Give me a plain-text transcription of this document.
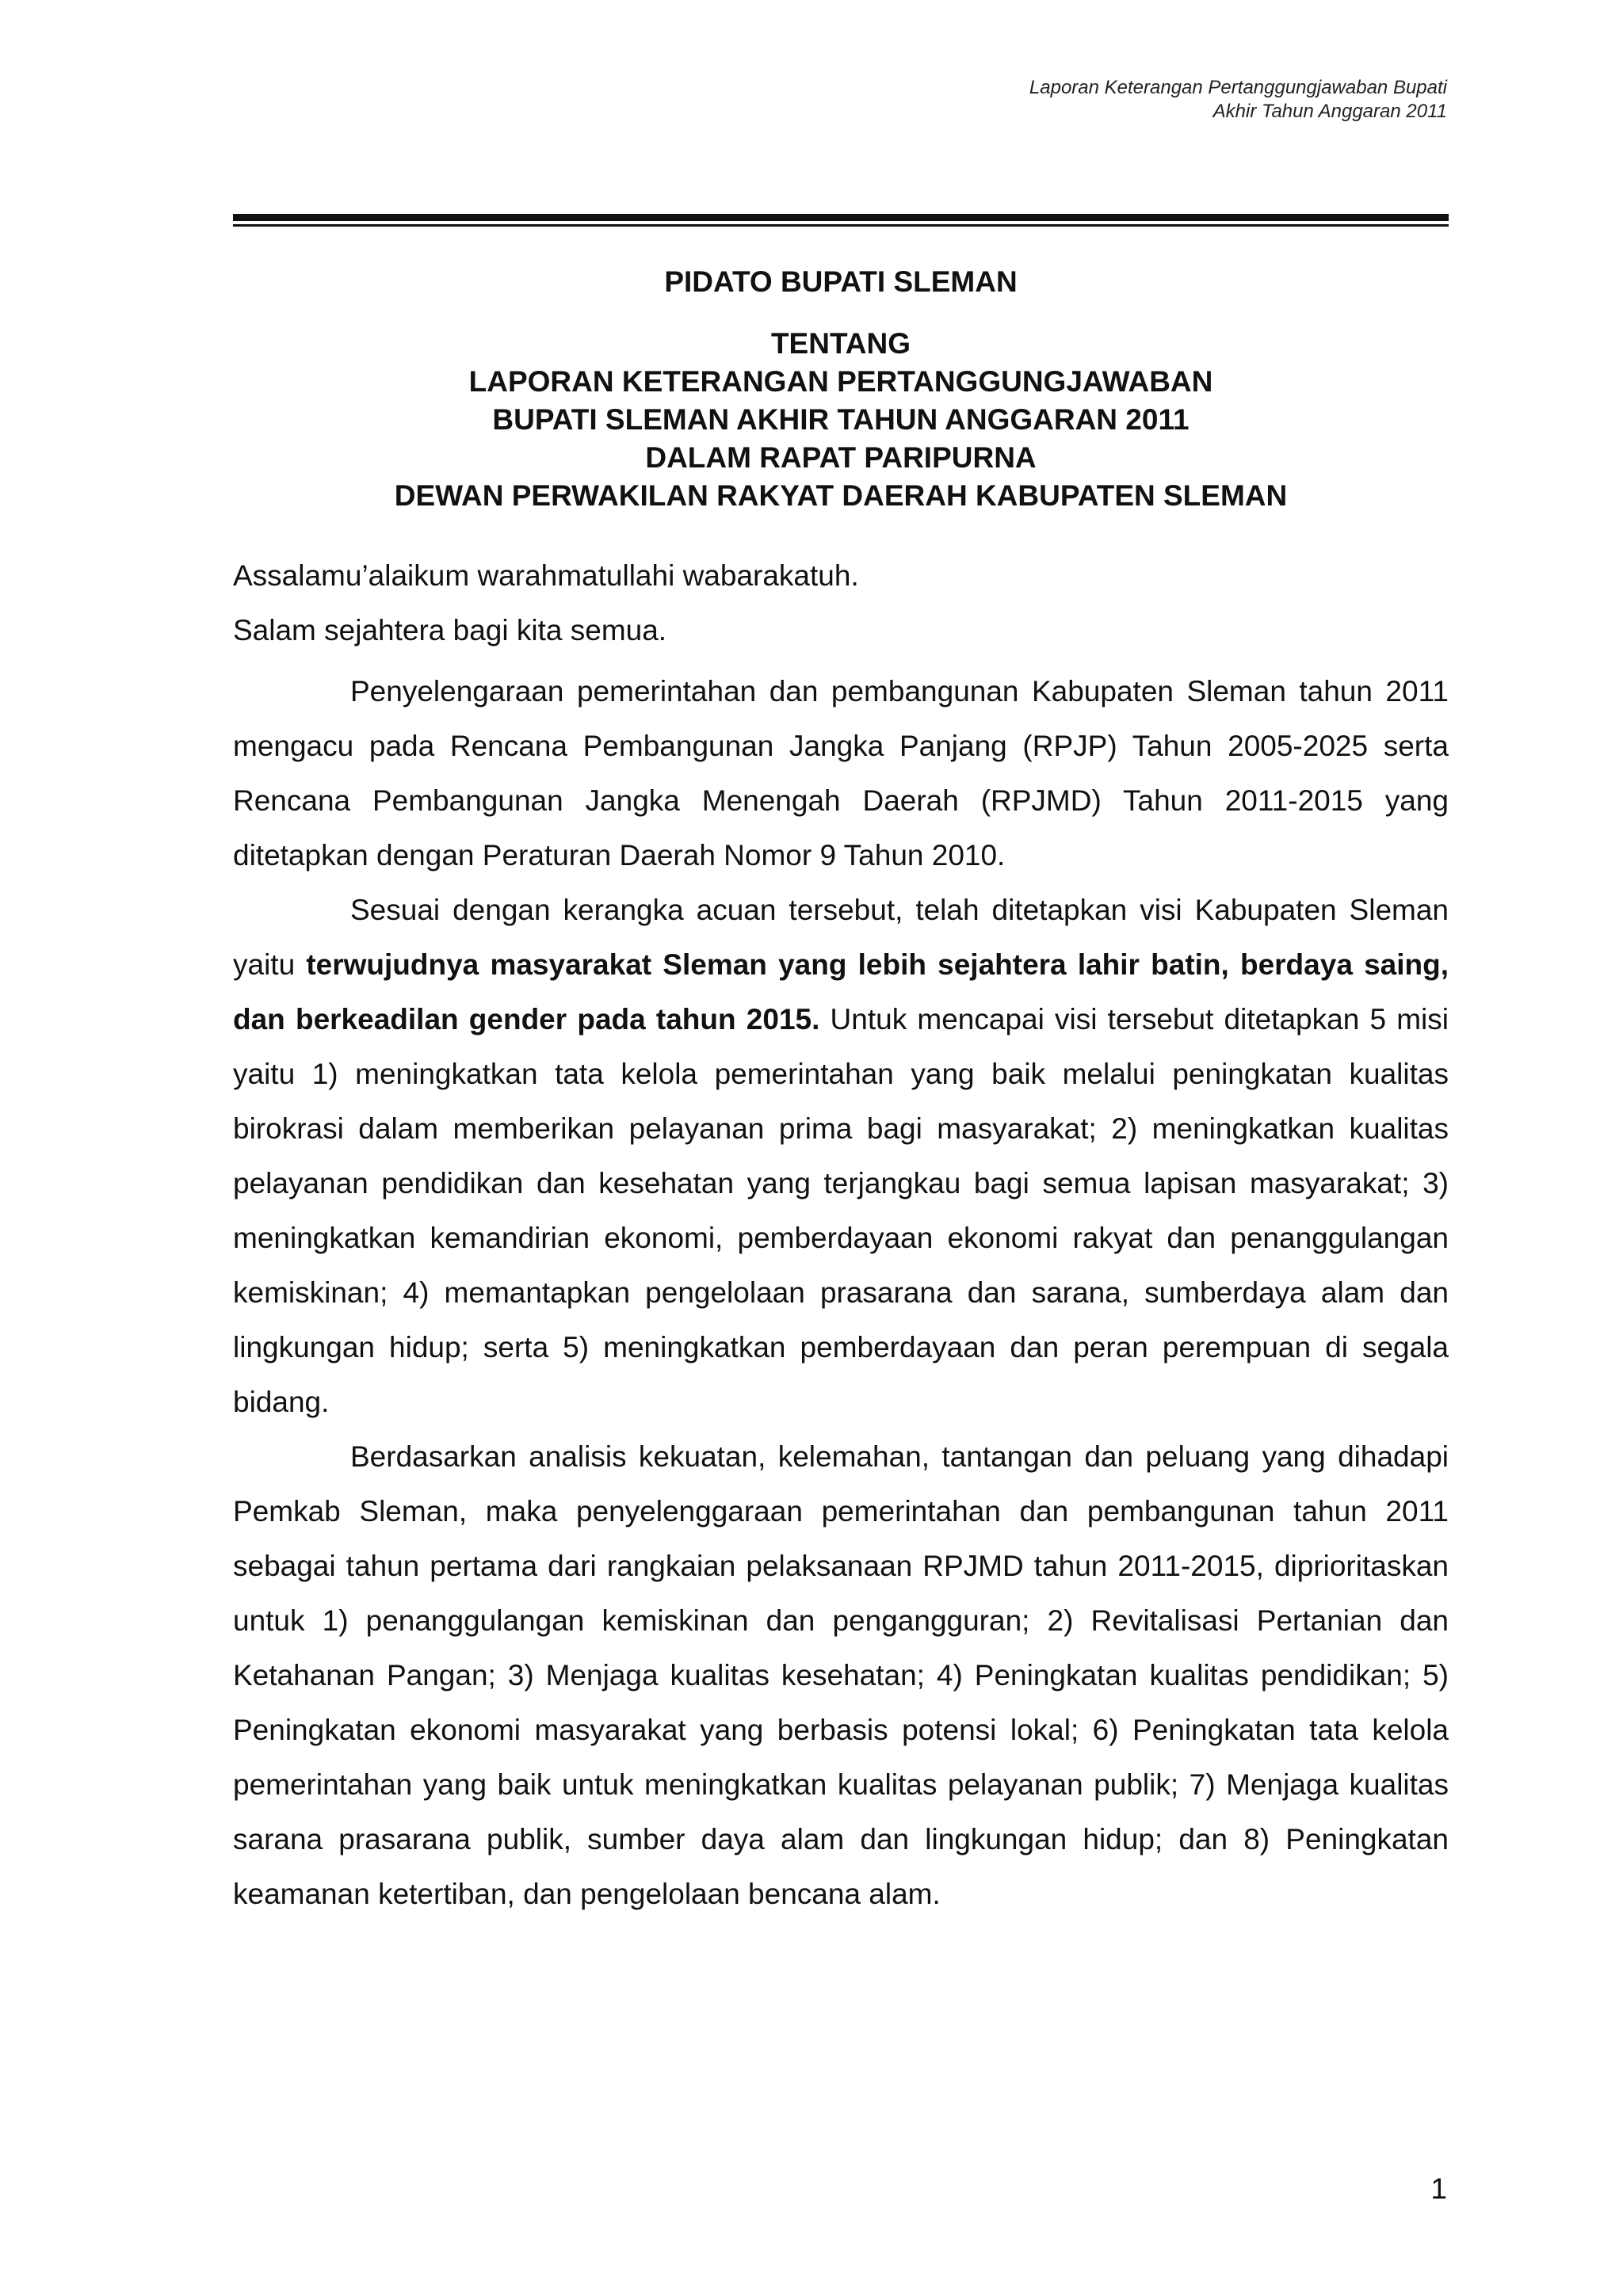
Laporan Keterangan Pertanggungjawaban Bupati
Akhir Tahun Anggaran 2011
PIDATO BUPATI SLEMAN
TENTANG
LAPORAN KETERANGAN PERTANGGUNGJAWABAN
BUPATI SLEMAN AKHIR TAHUN ANGGARAN 2011
DALAM RAPAT PARIPURNA
DEWAN PERWAKILAN RAKYAT DAERAH KABUPATEN SLEMAN

Assalamu’alaikum warahmatullahi wabarakatuh.

Salam sejahtera bagi kita semua.

Penyelengaraan pemerintahan dan pembangunan Kabupaten Sleman tahun 2011 mengacu pada Rencana Pembangunan Jangka Panjang (RPJP) Tahun 2005-2025 serta Rencana Pembangunan Jangka Menengah Daerah (RPJMD) Tahun 2011-2015 yang ditetapkan dengan Peraturan Daerah Nomor 9 Tahun 2010.

Sesuai dengan kerangka acuan tersebut, telah ditetapkan visi Kabupaten Sleman yaitu terwujudnya masyarakat Sleman yang lebih sejahtera lahir batin, berdaya saing, dan berkeadilan gender pada tahun 2015. Untuk mencapai visi tersebut ditetapkan 5 misi yaitu 1) meningkatkan tata kelola pemerintahan yang baik melalui peningkatan kualitas birokrasi dalam memberikan pelayanan prima bagi masyarakat; 2) meningkatkan kualitas pelayanan pendidikan dan kesehatan yang terjangkau bagi semua lapisan masyarakat; 3) meningkatkan kemandirian ekonomi, pemberdayaan ekonomi rakyat dan penanggulangan kemiskinan; 4) memantapkan pengelolaan prasarana dan sarana, sumberdaya alam dan lingkungan hidup; serta 5) meningkatkan pemberdayaan dan peran perempuan di segala bidang.

Berdasarkan analisis kekuatan, kelemahan, tantangan dan peluang yang dihadapi Pemkab Sleman, maka penyelenggaraan pemerintahan dan pembangunan tahun 2011 sebagai tahun pertama dari rangkaian pelaksanaan RPJMD tahun 2011-2015, diprioritaskan untuk 1) penanggulangan kemiskinan dan pengangguran; 2) Revitalisasi Pertanian dan Ketahanan Pangan; 3) Menjaga kualitas kesehatan; 4) Peningkatan kualitas pendidikan; 5) Peningkatan ekonomi masyarakat yang berbasis potensi lokal; 6) Peningkatan tata kelola pemerintahan yang baik untuk meningkatkan kualitas pelayanan publik; 7) Menjaga kualitas sarana prasarana publik, sumber daya alam dan lingkungan hidup; dan 8) Peningkatan keamanan ketertiban, dan pengelolaan bencana alam.

1
